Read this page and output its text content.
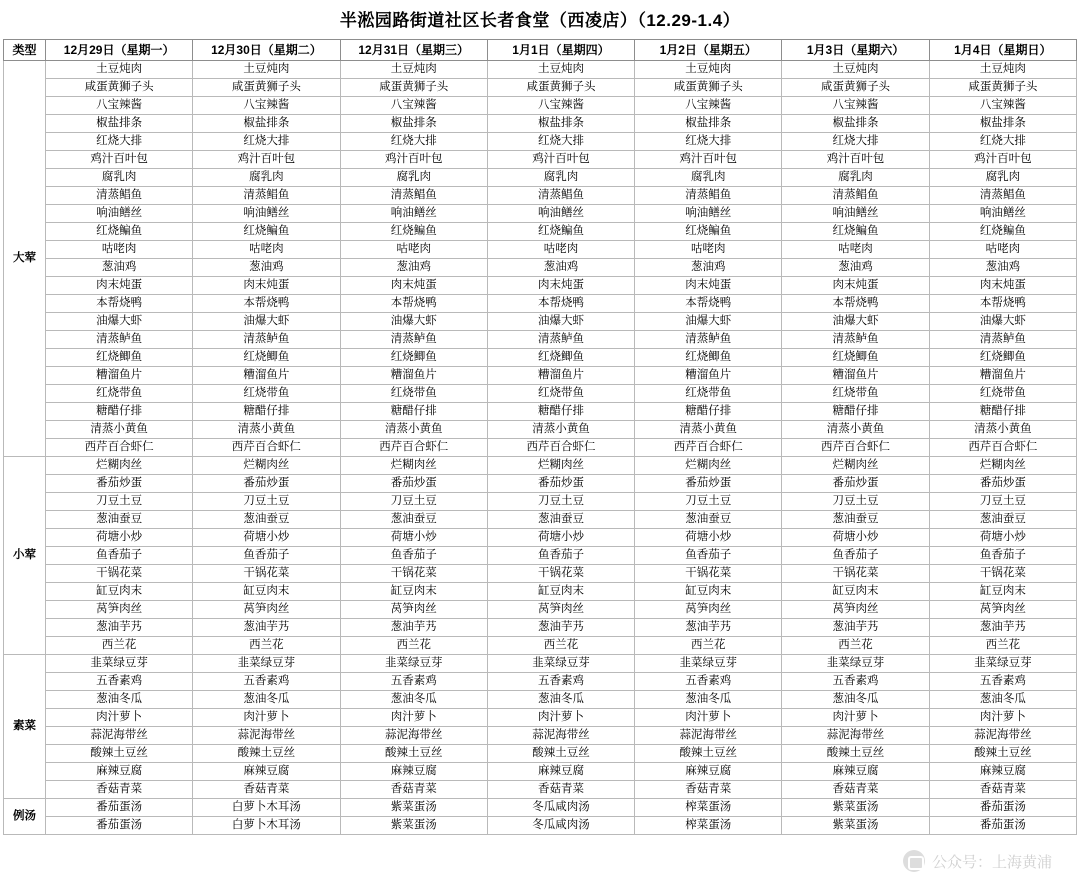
半淞园路街道社区长者食堂（西凌店）（12.29-1.4）
类型	12月29日（星期一）	12月30日（星期二）	12月31日（星期三）	1月1日（星期四）	1月2日（星期五）	1月3日（星期六）	1月4日（星期日）
大荤	土豆炖肉	土豆炖肉	土豆炖肉	土豆炖肉	土豆炖肉	土豆炖肉	土豆炖肉
	咸蛋黄狮子头	咸蛋黄狮子头	咸蛋黄狮子头	咸蛋黄狮子头	咸蛋黄狮子头	咸蛋黄狮子头	咸蛋黄狮子头
	八宝辣酱	八宝辣酱	八宝辣酱	八宝辣酱	八宝辣酱	八宝辣酱	八宝辣酱
	椒盐排条	椒盐排条	椒盐排条	椒盐排条	椒盐排条	椒盐排条	椒盐排条
	红烧大排	红烧大排	红烧大排	红烧大排	红烧大排	红烧大排	红烧大排
	鸡汁百叶包	鸡汁百叶包	鸡汁百叶包	鸡汁百叶包	鸡汁百叶包	鸡汁百叶包	鸡汁百叶包
	腐乳肉	腐乳肉	腐乳肉	腐乳肉	腐乳肉	腐乳肉	腐乳肉
	清蒸鲳鱼	清蒸鲳鱼	清蒸鲳鱼	清蒸鲳鱼	清蒸鲳鱼	清蒸鲳鱼	清蒸鲳鱼
	响油鳝丝	响油鳝丝	响油鳝丝	响油鳝丝	响油鳝丝	响油鳝丝	响油鳝丝
	红烧鳊鱼	红烧鳊鱼	红烧鳊鱼	红烧鳊鱼	红烧鳊鱼	红烧鳊鱼	红烧鳊鱼
	咕咾肉	咕咾肉	咕咾肉	咕咾肉	咕咾肉	咕咾肉	咕咾肉
	葱油鸡	葱油鸡	葱油鸡	葱油鸡	葱油鸡	葱油鸡	葱油鸡
	肉末炖蛋	肉末炖蛋	肉末炖蛋	肉末炖蛋	肉末炖蛋	肉末炖蛋	肉末炖蛋
	本帮烧鸭	本帮烧鸭	本帮烧鸭	本帮烧鸭	本帮烧鸭	本帮烧鸭	本帮烧鸭
	油爆大虾	油爆大虾	油爆大虾	油爆大虾	油爆大虾	油爆大虾	油爆大虾
	清蒸鲈鱼	清蒸鲈鱼	清蒸鲈鱼	清蒸鲈鱼	清蒸鲈鱼	清蒸鲈鱼	清蒸鲈鱼
	红烧鲫鱼	红烧鲫鱼	红烧鲫鱼	红烧鲫鱼	红烧鲫鱼	红烧鲫鱼	红烧鲫鱼
	糟溜鱼片	糟溜鱼片	糟溜鱼片	糟溜鱼片	糟溜鱼片	糟溜鱼片	糟溜鱼片
	红烧带鱼	红烧带鱼	红烧带鱼	红烧带鱼	红烧带鱼	红烧带鱼	红烧带鱼
	糖醋仔排	糖醋仔排	糖醋仔排	糖醋仔排	糖醋仔排	糖醋仔排	糖醋仔排
	清蒸小黄鱼	清蒸小黄鱼	清蒸小黄鱼	清蒸小黄鱼	清蒸小黄鱼	清蒸小黄鱼	清蒸小黄鱼
	西芹百合虾仁	西芹百合虾仁	西芹百合虾仁	西芹百合虾仁	西芹百合虾仁	西芹百合虾仁	西芹百合虾仁
小荤	烂糊肉丝	烂糊肉丝	烂糊肉丝	烂糊肉丝	烂糊肉丝	烂糊肉丝	烂糊肉丝
	番茄炒蛋	番茄炒蛋	番茄炒蛋	番茄炒蛋	番茄炒蛋	番茄炒蛋	番茄炒蛋
	刀豆土豆	刀豆土豆	刀豆土豆	刀豆土豆	刀豆土豆	刀豆土豆	刀豆土豆
	葱油蚕豆	葱油蚕豆	葱油蚕豆	葱油蚕豆	葱油蚕豆	葱油蚕豆	葱油蚕豆
	荷塘小炒	荷塘小炒	荷塘小炒	荷塘小炒	荷塘小炒	荷塘小炒	荷塘小炒
	鱼香茄子	鱼香茄子	鱼香茄子	鱼香茄子	鱼香茄子	鱼香茄子	鱼香茄子
	干锅花菜	干锅花菜	干锅花菜	干锅花菜	干锅花菜	干锅花菜	干锅花菜
	缸豆肉末	缸豆肉末	缸豆肉末	缸豆肉末	缸豆肉末	缸豆肉末	缸豆肉末
	莴笋肉丝	莴笋肉丝	莴笋肉丝	莴笋肉丝	莴笋肉丝	莴笋肉丝	莴笋肉丝
	葱油芋艿	葱油芋艿	葱油芋艿	葱油芋艿	葱油芋艿	葱油芋艿	葱油芋艿
	西兰花	西兰花	西兰花	西兰花	西兰花	西兰花	西兰花
素菜	韭菜绿豆芽	韭菜绿豆芽	韭菜绿豆芽	韭菜绿豆芽	韭菜绿豆芽	韭菜绿豆芽	韭菜绿豆芽
	五香素鸡	五香素鸡	五香素鸡	五香素鸡	五香素鸡	五香素鸡	五香素鸡
	葱油冬瓜	葱油冬瓜	葱油冬瓜	葱油冬瓜	葱油冬瓜	葱油冬瓜	葱油冬瓜
	肉汁萝卜	肉汁萝卜	肉汁萝卜	肉汁萝卜	肉汁萝卜	肉汁萝卜	肉汁萝卜
	蒜泥海带丝	蒜泥海带丝	蒜泥海带丝	蒜泥海带丝	蒜泥海带丝	蒜泥海带丝	蒜泥海带丝
	酸辣土豆丝	酸辣土豆丝	酸辣土豆丝	酸辣土豆丝	酸辣土豆丝	酸辣土豆丝	酸辣土豆丝
	麻辣豆腐	麻辣豆腐	麻辣豆腐	麻辣豆腐	麻辣豆腐	麻辣豆腐	麻辣豆腐
	香菇青菜	香菇青菜	香菇青菜	香菇青菜	香菇青菜	香菇青菜	香菇青菜
例汤	番茄蛋汤	白萝卜木耳汤	紫菜蛋汤	冬瓜咸肉汤	榨菜蛋汤	紫菜蛋汤	番茄蛋汤
	番茄蛋汤	白萝卜木耳汤	紫菜蛋汤	冬瓜咸肉汤	榨菜蛋汤	紫菜蛋汤	番茄蛋汤
公众号：上海黄浦
